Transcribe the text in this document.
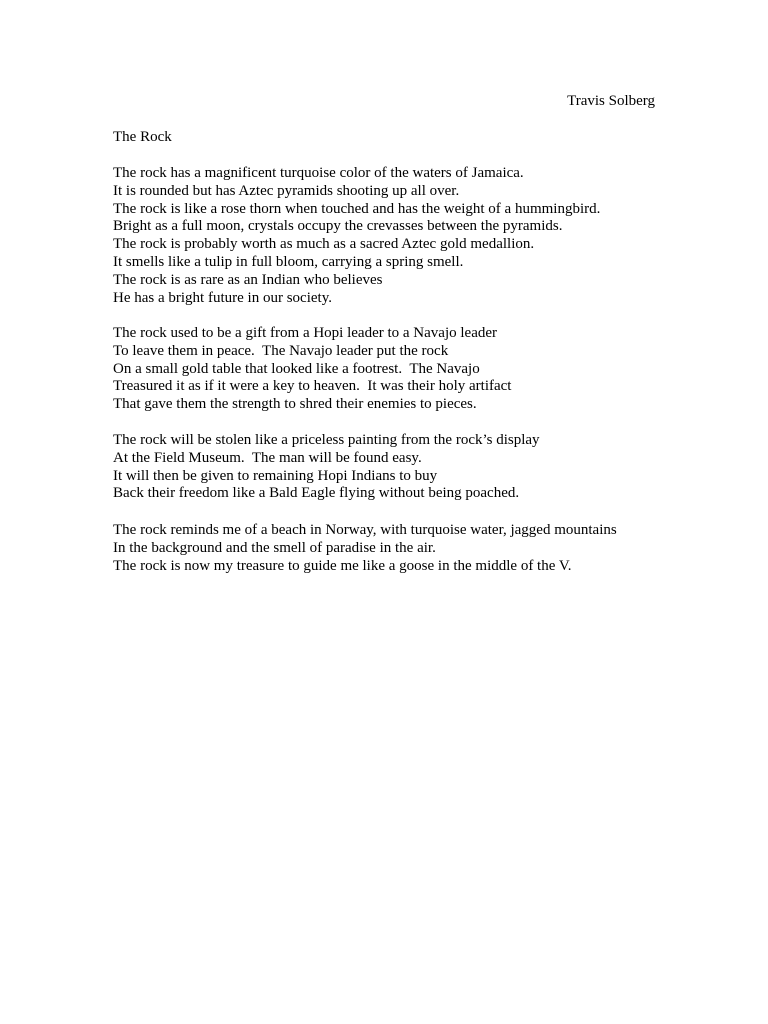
Travis Solberg
The Rock
The rock has a magnificent turquoise color of the waters of Jamaica.
It is rounded but has Aztec pyramids shooting up all over.
The rock is like a rose thorn when touched and has the weight of a hummingbird.
Bright as a full moon, crystals occupy the crevasses between the pyramids.
The rock is probably worth as much as a sacred Aztec gold medallion.
It smells like a tulip in full bloom, carrying a spring smell.
The rock is as rare as an Indian who believes
He has a bright future in our society.
The rock used to be a gift from a Hopi leader to a Navajo leader
To leave them in peace.  The Navajo leader put the rock
On a small gold table that looked like a footrest.  The Navajo
Treasured it as if it were a key to heaven.  It was their holy artifact
That gave them the strength to shred their enemies to pieces.
The rock will be stolen like a priceless painting from the rock’s display
At the Field Museum.  The man will be found easy.
It will then be given to remaining Hopi Indians to buy
Back their freedom like a Bald Eagle flying without being poached.
The rock reminds me of a beach in Norway, with turquoise water, jagged mountains
In the background and the smell of paradise in the air.
The rock is now my treasure to guide me like a goose in the middle of the V.
